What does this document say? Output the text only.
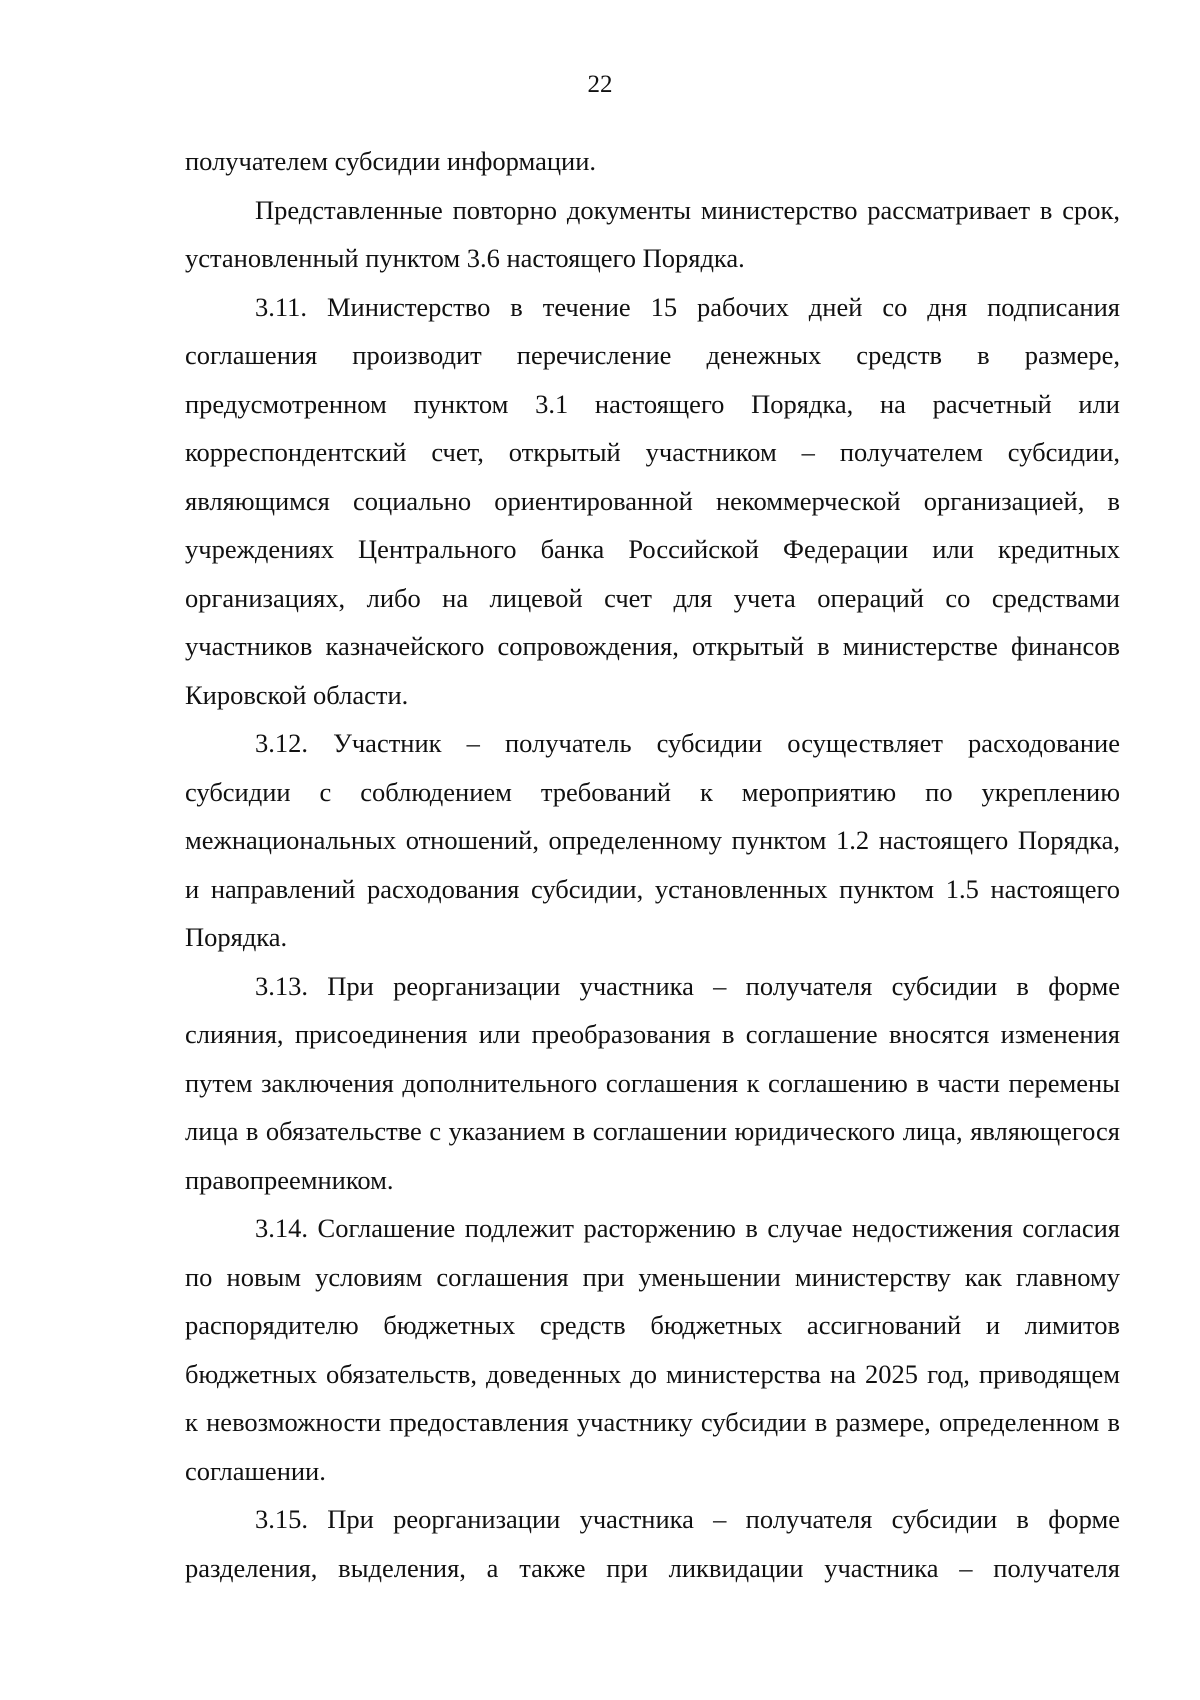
22

получателем субсидии информации.

Представленные повторно документы министерство рассматривает в срок, установленный пунктом 3.6 настоящего Порядка.

3.11. Министерство в течение 15 рабочих дней со дня подписания соглашения производит перечисление денежных средств в размере, предусмотренном пунктом 3.1 настоящего Порядка, на расчетный или корреспондентский счет, открытый участником – получателем субсидии, являющимся социально ориентированной некоммерческой организацией, в учреждениях Центрального банка Российской Федерации или кредитных организациях, либо на лицевой счет для учета операций со средствами участников казначейского сопровождения, открытый в министерстве финансов Кировской области.

3.12. Участник – получатель субсидии осуществляет расходование субсидии с соблюдением требований к мероприятию по укреплению межнациональных отношений, определенному пунктом 1.2 настоящего Порядка, и направлений расходования субсидии, установленных пунктом 1.5 настоящего Порядка.

3.13. При реорганизации участника – получателя субсидии в форме слияния, присоединения или преобразования в соглашение вносятся изменения путем заключения дополнительного соглашения к соглашению в части перемены лица в обязательстве с указанием в соглашении юридического лица, являющегося правопреемником.

3.14. Соглашение подлежит расторжению в случае недостижения согласия по новым условиям соглашения при уменьшении министерству как главному распорядителю бюджетных средств бюджетных ассигнований и лимитов бюджетных обязательств, доведенных до министерства на 2025 год, приводящем к невозможности предоставления участнику субсидии в размере, определенном в соглашении.

3.15. При реорганизации участника – получателя субсидии в форме разделения, выделения, а также при ликвидации участника – получателя
